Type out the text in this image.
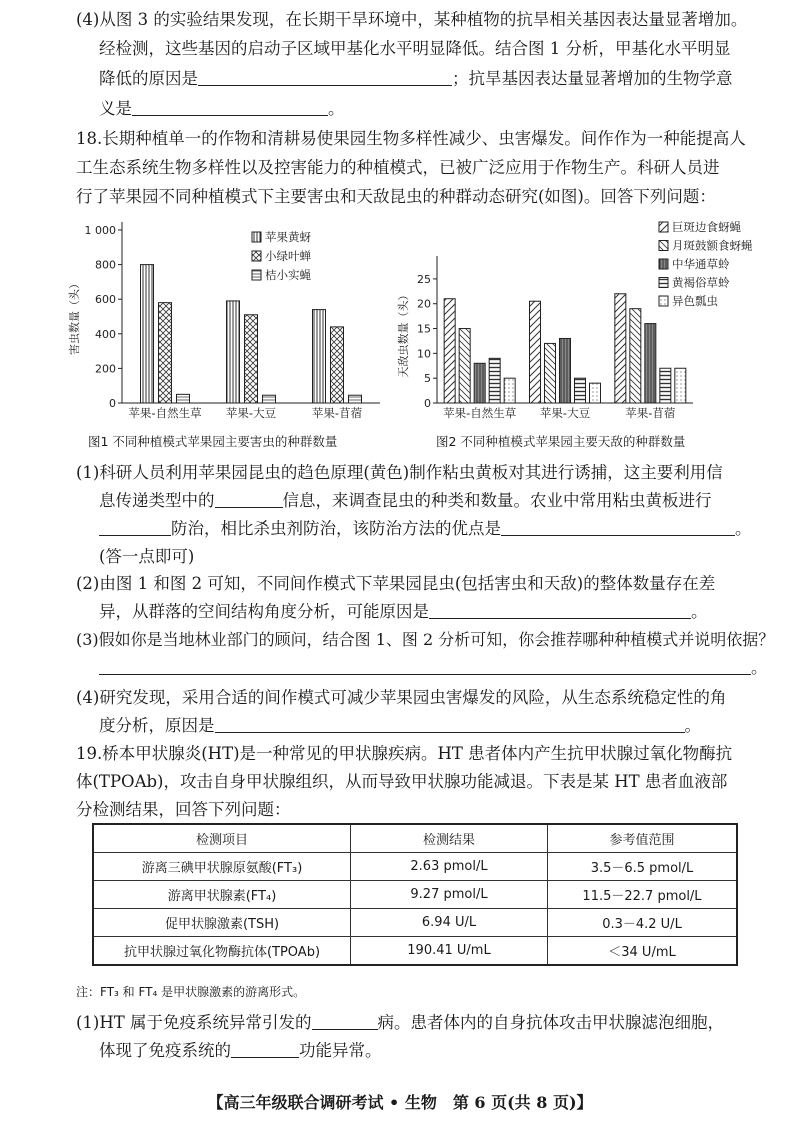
(4)从图 3 的实验结果发现，在长期干旱环境中，某种植物的抗旱相关基因表达量显著增加。
经检测，这些基因的启动子区域甲基化水平明显降低。结合图 1 分析，甲基化水平明显
降低的原因是	；抗旱基因表达量显著增加的生物学意
义是	。
18.长期种植单一的作物和清耕易使果园生物多样性减少、虫害爆发。间作作为一种能提高人
工生态系统生物多样性以及控害能力的种植模式，已被广泛应用于作物生产。科研人员进
行了苹果园不同种植模式下主要害虫和天敌昆虫的种群动态研究(如图)。回答下列问题：
0
200
400
600
800
1 000
害虫数量（头）
苹果-自然生草 苹果-大豆	苹果-苜蓿
苹果黄蚜
小绿叶蝉
桔小实蝇
图1 不同种植模式苹果园主要害虫的种群数量
0
5
10
15
20
25
天敌虫数量（头）
苹果-自然生草 苹果-大豆	苹果-苜蓿
巨斑边食蚜蝇
月斑鼓额食蚜蝇
中华通草蛉
黄褐俗草蛉
异色瓢虫
图2 不同种植模式苹果园主要天敌的种群数量
(1)科研人员利用苹果园昆虫的趋色原理(黄色)制作粘虫黄板对其进行诱捕，这主要利用信
息传递类型中的	信息，来调查昆虫的种类和数量。农业中常用粘虫黄板进行
防治，相比杀虫剂防治，该防治方法的优点是	。
(答一点即可)
(2)由图 1 和图 2 可知，不同间作模式下苹果园昆虫(包括害虫和天敌)的整体数量存在差
异，从群落的空间结构角度分析，可能原因是	。
(3)假如你是当地林业部门的顾问，结合图 1、图 2 分析可知，你会推荐哪种种植模式并说明依据？
。
(4)研究发现，采用合适的间作模式可减少苹果园虫害爆发的风险，从生态系统稳定性的角
度分析，原因是	。
19.桥本甲状腺炎(HT)是一种常见的甲状腺疾病。HT 患者体内产生抗甲状腺过氧化物酶抗
体(TPOAb)，攻击自身甲状腺组织，从而导致甲状腺功能减退。下表是某 HT 患者血液部
分检测结果，回答下列问题：
检测项目	检测结果	参考值范围
游离三碘甲状腺原氨酸(FT₃)	2.63 pmol/L	3.5－6.5 pmol/L
游离甲状腺素(FT₄)	9.27 pmol/L	11.5－22.7 pmol/L
促甲状腺激素(TSH)	6.94 U/L	0.3－4.2 U/L
抗甲状腺过氧化物酶抗体(TPOAb)	190.41 U/mL	＜34 U/mL
注：FT₃ 和 FT₄ 是甲状腺激素的游离形式。
(1)HT 属于免疫系统异常引发的	病。患者体内的自身抗体攻击甲状腺滤泡细胞，
体现了免疫系统的	功能异常。
【高三年级联合调研考试 • 生物　第 6 页(共 8 页)】
